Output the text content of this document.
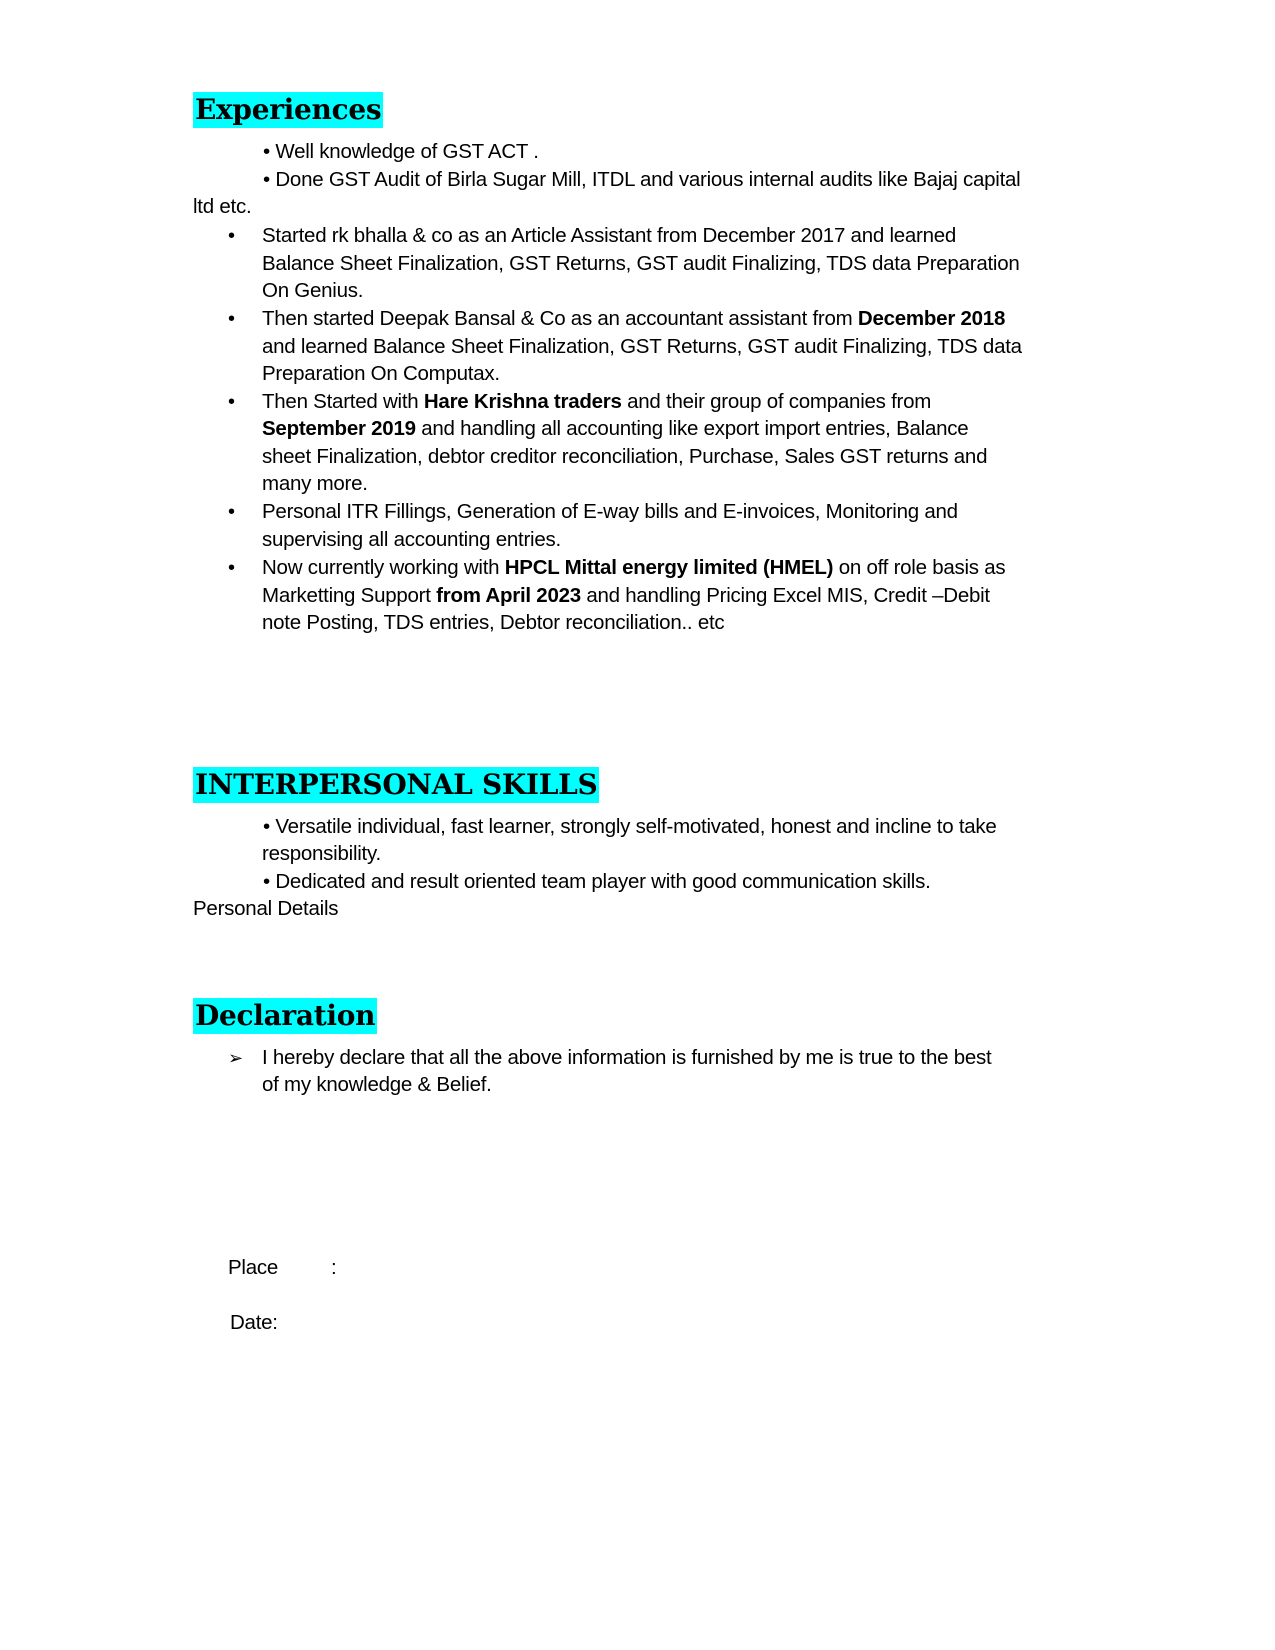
Experiences
• Well knowledge of GST ACT .
• Done GST Audit of Birla Sugar Mill, ITDL and various internal audits like Bajaj capital
ltd etc.
• Started rk bhalla & co as an Article Assistant from December 2017 and learned
Balance Sheet Finalization, GST Returns, GST audit Finalizing, TDS data Preparation
On Genius.
• Then started Deepak Bansal & Co as an accountant assistant from December 2018
and learned Balance Sheet Finalization, GST Returns, GST audit Finalizing, TDS data
Preparation On Computax.
• Then Started with Hare Krishna traders and their group of companies from
September 2019 and handling all accounting like export import entries, Balance
sheet Finalization, debtor creditor reconciliation, Purchase, Sales GST returns and
many more.
• Personal ITR Fillings, Generation of E-way bills and E-invoices, Monitoring and
supervising all accounting entries.
• Now currently working with HPCL Mittal energy limited (HMEL) on off role basis as
Marketting Support from April 2023 and handling Pricing Excel MIS, Credit –Debit
note Posting, TDS entries, Debtor reconciliation.. etc
INTERPERSONAL SKILLS
• Versatile individual, fast learner, strongly self-motivated, honest and incline to take
responsibility.
• Dedicated and result oriented team player with good communication skills.
Personal Details
Declaration
➢ I hereby declare that all the above information is furnished by me is true to the best
of my knowledge & Belief.
Place	:
Date:
